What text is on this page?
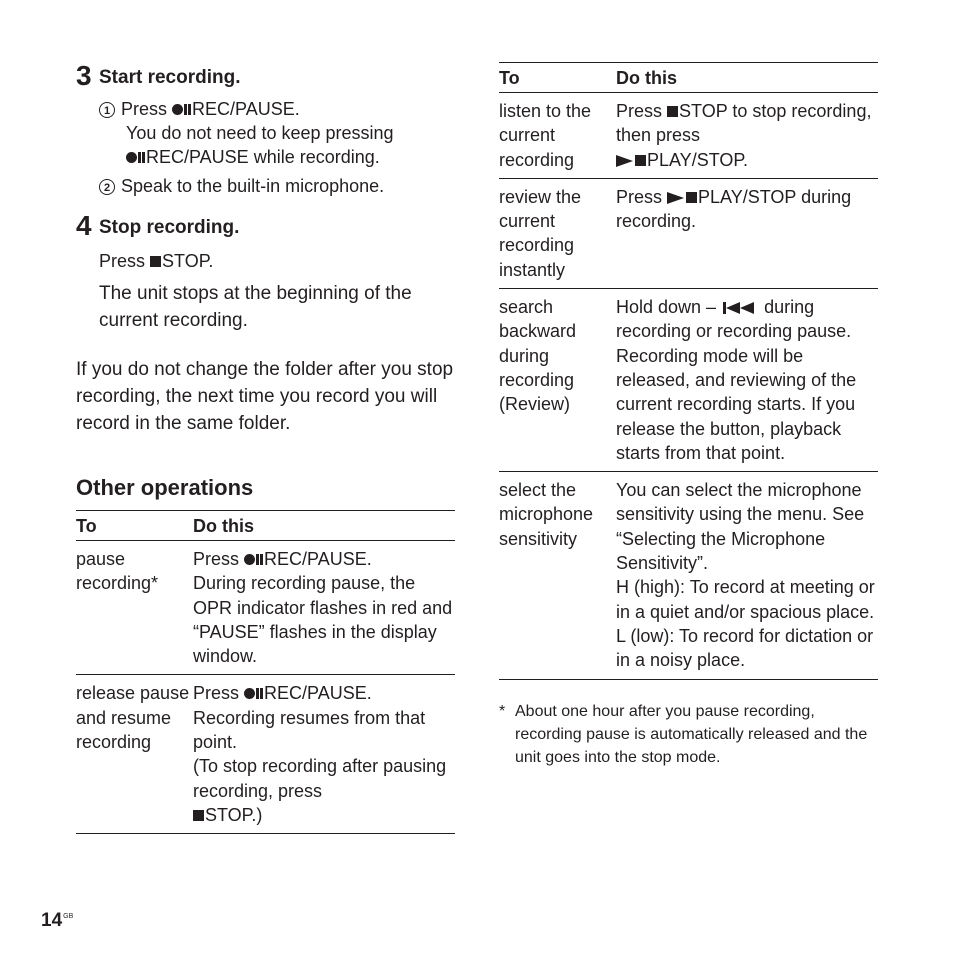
3 Start recording.
1 Press REC/PAUSE.
You do not need to keep pressing
REC/PAUSE while recording.
2 Speak to the built-in microphone.
4 Stop recording.
Press STOP.
The unit stops at the beginning of the current recording.
If you do not change the folder after you stop recording, the next time you record you will record in the same folder.
Other operations
To	Do this
pause recording*	Press REC/PAUSE.
During recording pause, the OPR indicator flashes in red and “PAUSE” flashes in the display window.
release pause and resume recording	Press REC/PAUSE.
Recording resumes from that point.
(To stop recording after pausing recording, press
STOP.)
To	Do this
listen to the current recording	Press STOP to stop recording, then press
PLAY/STOP.
review the current recording instantly	Press PLAY/STOP during recording.
search backward during recording (Review)	Hold down –  during recording or recording pause. Recording mode will be released, and reviewing of the current recording starts. If you release the button, playback starts from that point.
select the microphone sensitivity	You can select the microphone sensitivity using the menu. See “Selecting the Microphone Sensitivity”.
H (high): To record at meeting or in a quiet and/or spacious place.
L (low): To record for dictation or in a noisy place.
* About one hour after you pause recording, recording pause is automatically released and the unit goes into the stop mode.
$14^{GB}$
